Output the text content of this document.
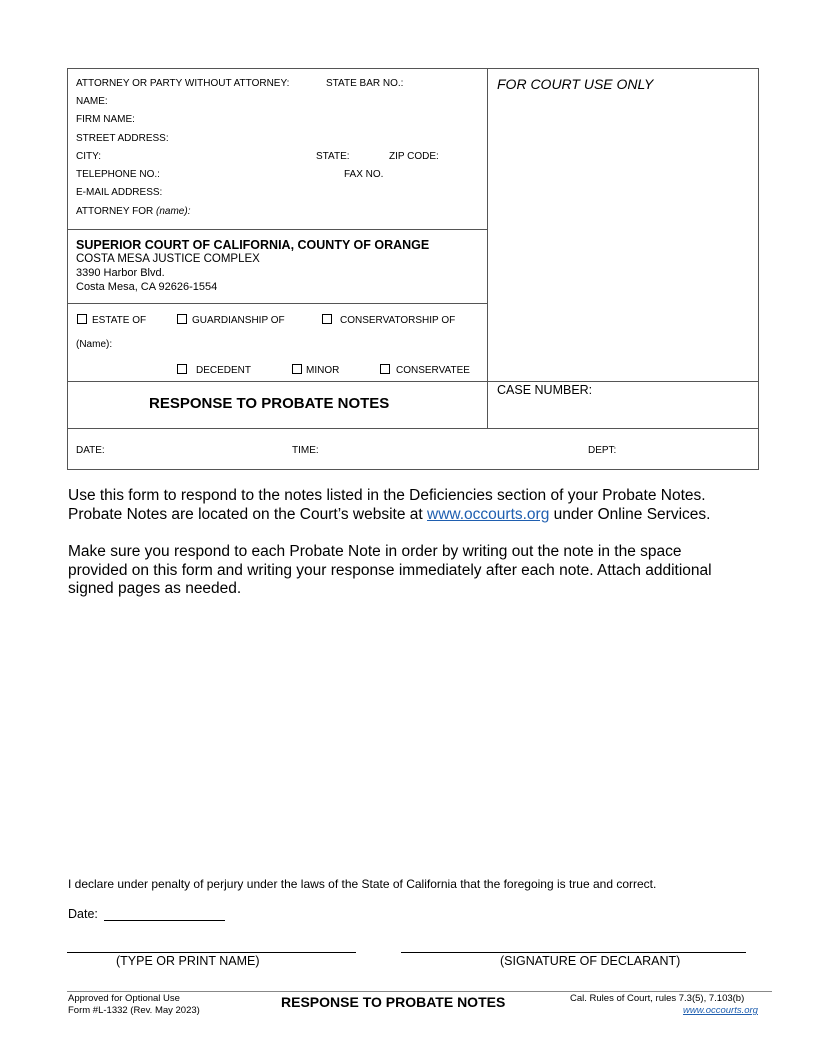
ATTORNEY OR PARTY WITHOUT ATTORNEY:	STATE BAR NO.:
NAME:
FIRM NAME:
STREET ADDRESS:
CITY:	STATE:	ZIP CODE:
TELEPHONE NO.:	FAX NO.
E-MAIL ADDRESS:
ATTORNEY FOR (name):
FOR COURT USE ONLY
SUPERIOR COURT OF CALIFORNIA, COUNTY OF ORANGE
COSTA MESA JUSTICE COMPLEX
3390 Harbor Blvd.
Costa Mesa, CA 92626-1554
ESTATE OF	GUARDIANSHIP OF	CONSERVATORSHIP OF
(Name):
DECEDENT	MINOR	CONSERVATEE
RESPONSE TO PROBATE NOTES
CASE NUMBER:
DATE:	TIME:	DEPT:
Use this form to respond to the notes listed in the Deficiencies section of your Probate Notes.
Probate Notes are located on the Court’s website at www.occourts.org under Online Services.
Make sure you respond to each Probate Note in order by writing out the note in the space
provided on this form and writing your response immediately after each note. Attach additional
signed pages as needed.
I declare under penalty of perjury under the laws of the State of California that the foregoing is true and correct.
Date:
(TYPE OR PRINT NAME)	(SIGNATURE OF DECLARANT)
Approved for Optional Use
Form #L-1332 (Rev. May 2023)
RESPONSE TO PROBATE NOTES	Cal. Rules of Court, rules 7.3(5), 7.103(b)
www.occourts.org
